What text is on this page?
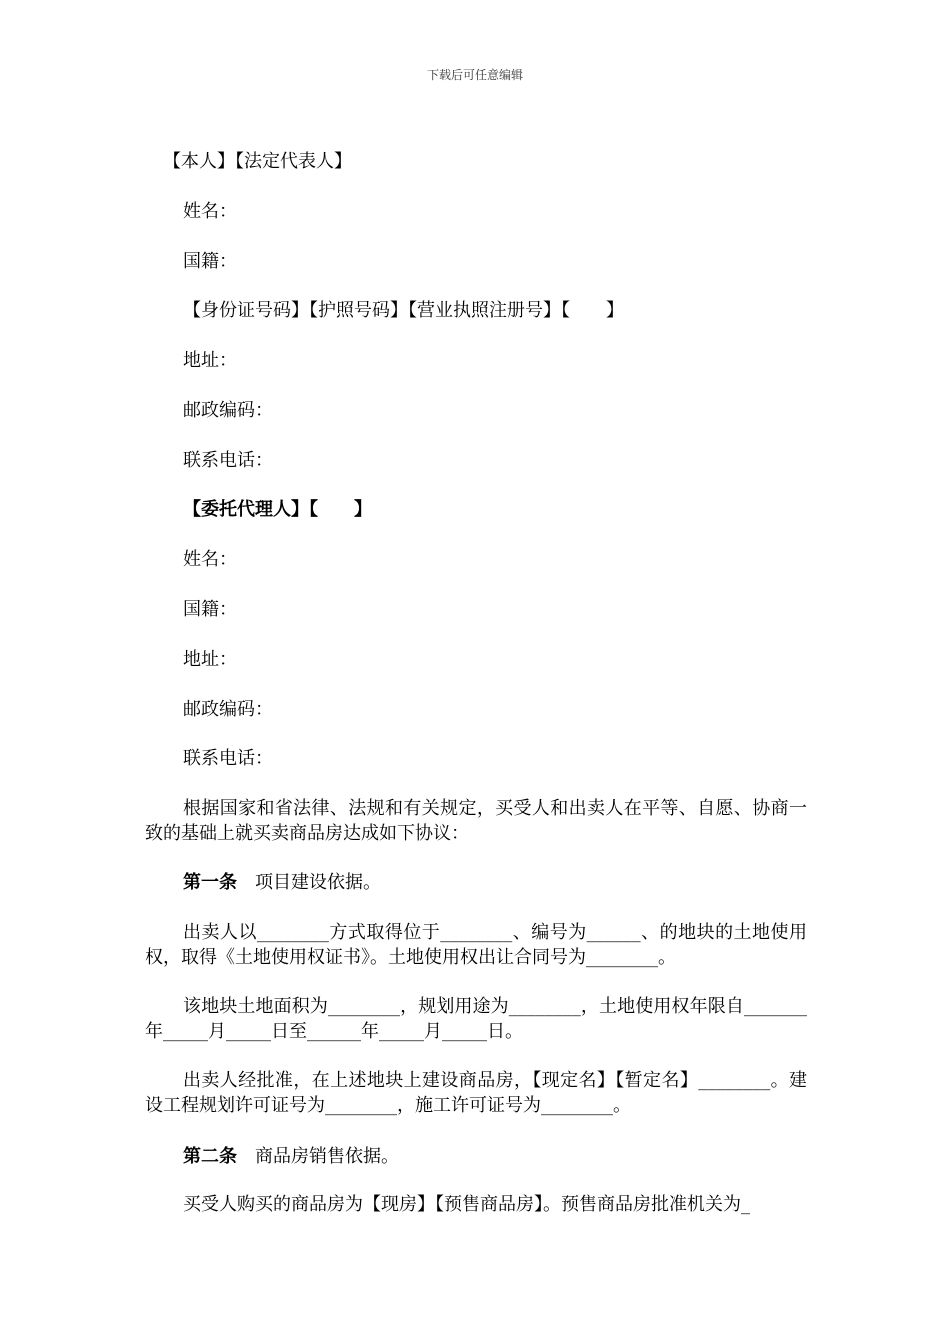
下载后可任意编辑
【本人】【法定代表人】
姓名：
国籍：
【身份证号码】【护照号码】【营业执照注册号】【　　】
地址：
邮政编码：
联系电话：
【委托代理人】【　　】
姓名：
国籍：
地址：
邮政编码：
联系电话：
根据国家和省法律、法规和有关规定，买受人和出卖人在平等、自愿、协商一致的基础上就买卖商品房达成如下协议：
第一条 项目建设依据。
出卖人以________方式取得位于________、编号为______、的地块的土地使用权，取得《土地使用权证书》。土地使用权出让合同号为________。
该地块土地面积为________，规划用途为________，土地使用权年限自_______年_____月_____日至______年_____月_____日。
出卖人经批准，在上述地块上建设商品房，【现定名】【暂定名】________。建设工程规划许可证号为________，施工许可证号为________。
第二条 商品房销售依据。
买受人购买的商品房为【现房】【预售商品房】。预售商品房批准机关为_
